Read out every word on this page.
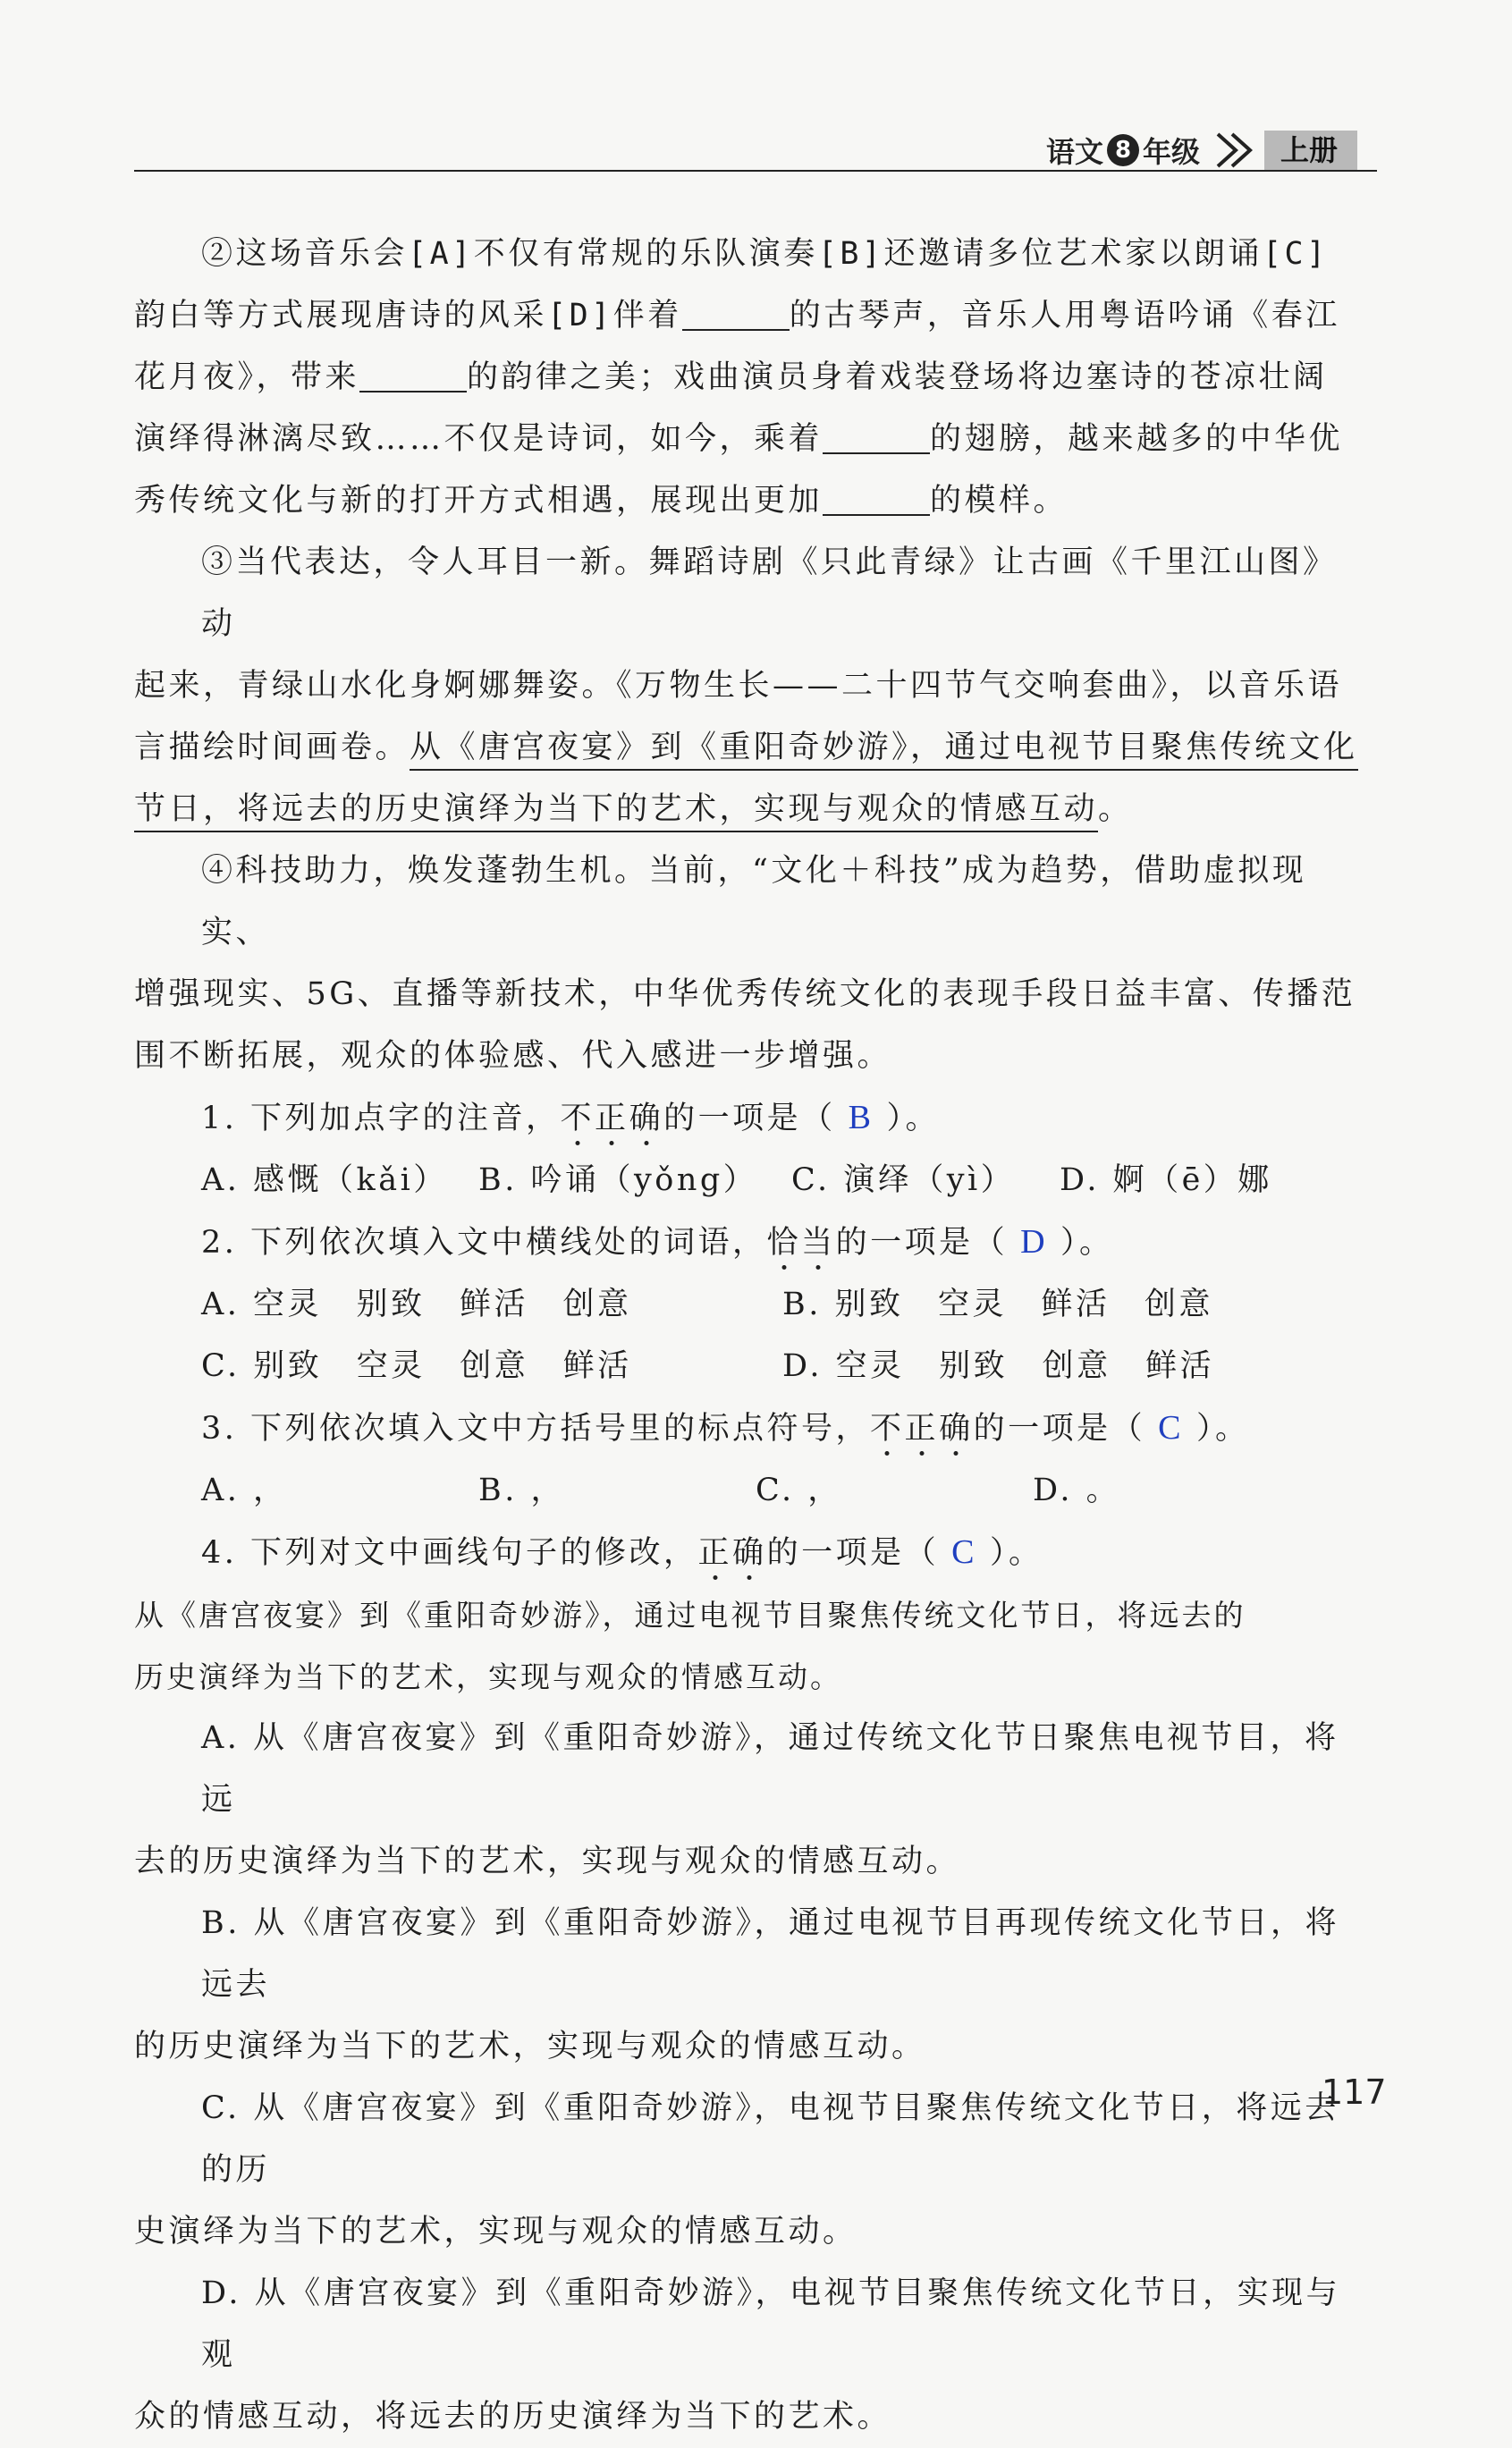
语文 8 年级	上册

②这场音乐会[A]不仅有常规的乐队演奏[B]还邀请多位艺术家以朗诵[C]

韵白等方式展现唐诗的风采[D]伴着	的古琴声，音乐人用粤语吟诵《春江

花月夜》，带来	的韵律之美；戏曲演员身着戏装登场将边塞诗的苍凉壮阔

演绎得淋漓尽致……不仅是诗词，如今，乘着	的翅膀，越来越多的中华优

秀传统文化与新的打开方式相遇，展现出更加	的模样。

③当代表达，令人耳目一新。舞蹈诗剧《只此青绿》让古画《千里江山图》动

起来，青绿山水化身婀娜舞姿。《万物生长——二十四节气交响套曲》，以音乐语

言描绘时间画卷。从《唐宫夜宴》到《重阳奇妙游》，通过电视节目聚焦传统文化

节日，将远去的历史演绎为当下的艺术，实现与观众的情感互动。

④科技助力，焕发蓬勃生机。当前，“文化＋科技”成为趋势，借助虚拟现实、

增强现实、5G、直播等新技术，中华优秀传统文化的表现手段日益丰富、传播范

围不断拓展，观众的体验感、代入感进一步增强。

1. 下列加点字的注音，不正确的一项是（ B ）。

A. 感慨（kǎi） B. 吟诵（yǒng）	C. 演绎（yì）	D. 婀（ē）娜

2. 下列依次填入文中横线处的词语，恰当的一项是（ D ）。

A. 空灵　别致　鲜活　创意	B. 别致　空灵　鲜活　创意

C. 别致　空灵　创意　鲜活	D. 空灵　别致　创意　鲜活

3. 下列依次填入文中方括号里的标点符号，不正确的一项是（ C ）。

A. ，	B. ，	C. ，	D. 。

4. 下列对文中画线句子的修改，正确的一项是（ C ）。

从《唐宫夜宴》到《重阳奇妙游》，通过电视节目聚焦传统文化节日，将远去的

历史演绎为当下的艺术，实现与观众的情感互动。

A. 从《唐宫夜宴》到《重阳奇妙游》，通过传统文化节日聚焦电视节目，将远

去的历史演绎为当下的艺术，实现与观众的情感互动。

B. 从《唐宫夜宴》到《重阳奇妙游》，通过电视节目再现传统文化节日，将远去

的历史演绎为当下的艺术，实现与观众的情感互动。

C. 从《唐宫夜宴》到《重阳奇妙游》，电视节目聚焦传统文化节日，将远去的历

史演绎为当下的艺术，实现与观众的情感互动。

D. 从《唐宫夜宴》到《重阳奇妙游》，电视节目聚焦传统文化节日，实现与观

众的情感互动，将远去的历史演绎为当下的艺术。

117
